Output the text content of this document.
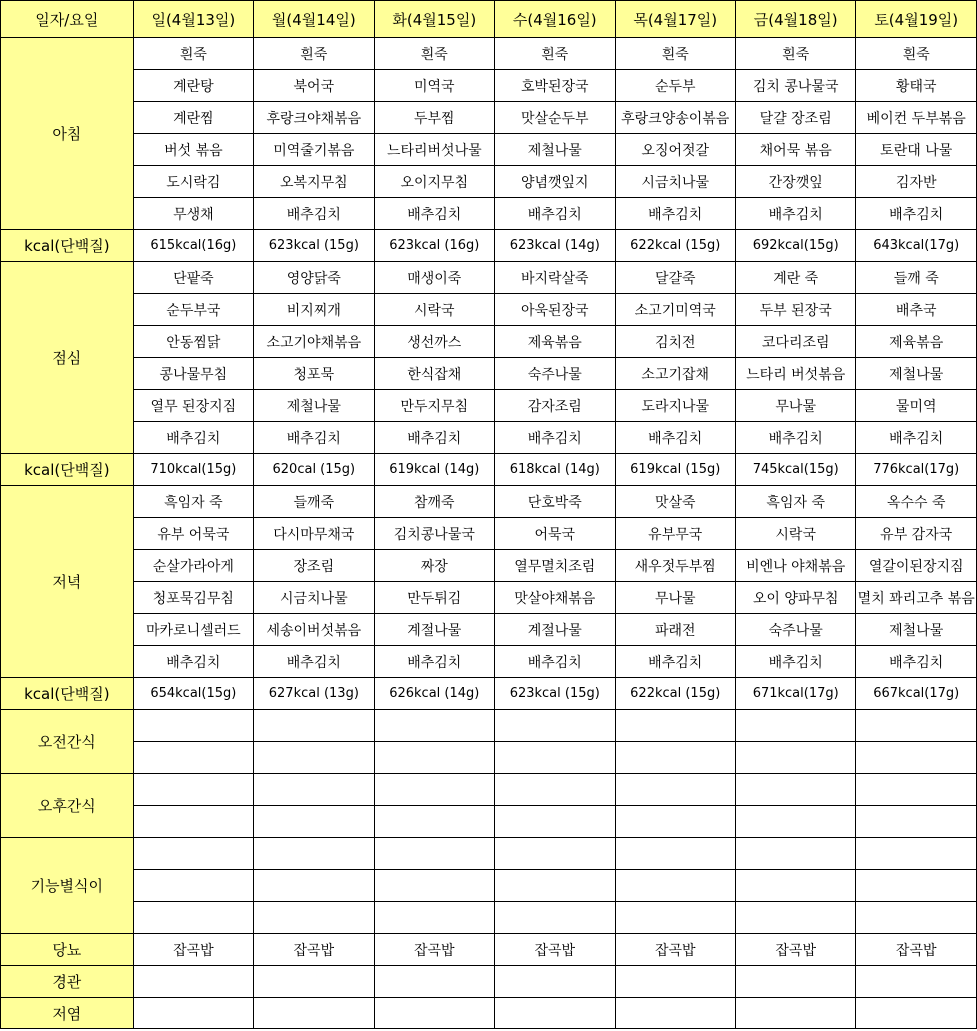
일자/요일	일(4월13일)	월(4월14일)	화(4월15일)	수(4월16일)	목(4월17일)	금(4월18일)	토(4월19일)
아침	흰죽	흰죽	흰죽	흰죽	흰죽	흰죽	흰죽
	계란탕	북어국	미역국	호박된장국	순두부	김치 콩나물국	황태국
	계란찜	후랑크야채볶음	두부찜	맛살순두부	후랑크양송이볶음	달걀 장조림	베이컨 두부볶음
	버섯 볶음	미역줄기볶음	느타리버섯나물	제철나물	오징어젓갈	채어묵 볶음	토란대 나물
	도시락김	오복지무침	오이지무침	양념깻잎지	시금치나물	간장깻잎	김자반
	무생채	배추김치	배추김치	배추김치	배추김치	배추김치	배추김치
kcal(단백질)	615kcal(16g)	623kcal (15g)	623kcal (16g)	623kcal (14g)	622kcal (15g)	692kcal(15g)	643kcal(17g)
점심	단팥죽	영양닭죽	매생이죽	바지락살죽	달걀죽	계란 죽	들깨 죽
	순두부국	비지찌개	시락국	아욱된장국	소고기미역국	두부 된장국	배추국
	안동찜닭	소고기야채볶음	생선까스	제육볶음	김치전	코다리조림	제육볶음
	콩나물무침	청포묵	한식잡채	숙주나물	소고기잡채	느타리 버섯볶음	제철나물
	열무 된장지짐	제철나물	만두지무침	감자조림	도라지나물	무나물	물미역
	배추김치	배추김치	배추김치	배추김치	배추김치	배추김치	배추김치
kcal(단백질)	710kcal(15g)	620cal (15g)	619kcal (14g)	618kcal (14g)	619kcal (15g)	745kcal(15g)	776kcal(17g)
저녁	흑임자 죽	들깨죽	참깨죽	단호박죽	맛살죽	흑임자 죽	옥수수 죽
	유부 어묵국	다시마무채국	김치콩나물국	어묵국	유부무국	시락국	유부 감자국
	순살가라아게	장조림	짜장	열무멸치조림	새우젓두부찜	비엔나 야채볶음	열갈이된장지짐
	청포묵김무침	시금치나물	만두튀김	맛살야채볶음	무나물	오이 양파무침	멸치 꽈리고추 볶음
	마카로니셀러드	세송이버섯볶음	계절나물	계절나물	파래전	숙주나물	제철나물
	배추김치	배추김치	배추김치	배추김치	배추김치	배추김치	배추김치
kcal(단백질)	654kcal(15g)	627kcal (13g)	626kcal (14g)	623kcal (15g)	622kcal (15g)	671kcal(17g)	667kcal(17g)
오전간식							

오후간식							

기능별식이							

당뇨	잡곡밥	잡곡밥	잡곡밥	잡곡밥	잡곡밥	잡곡밥	잡곡밥
경관							
저염							
